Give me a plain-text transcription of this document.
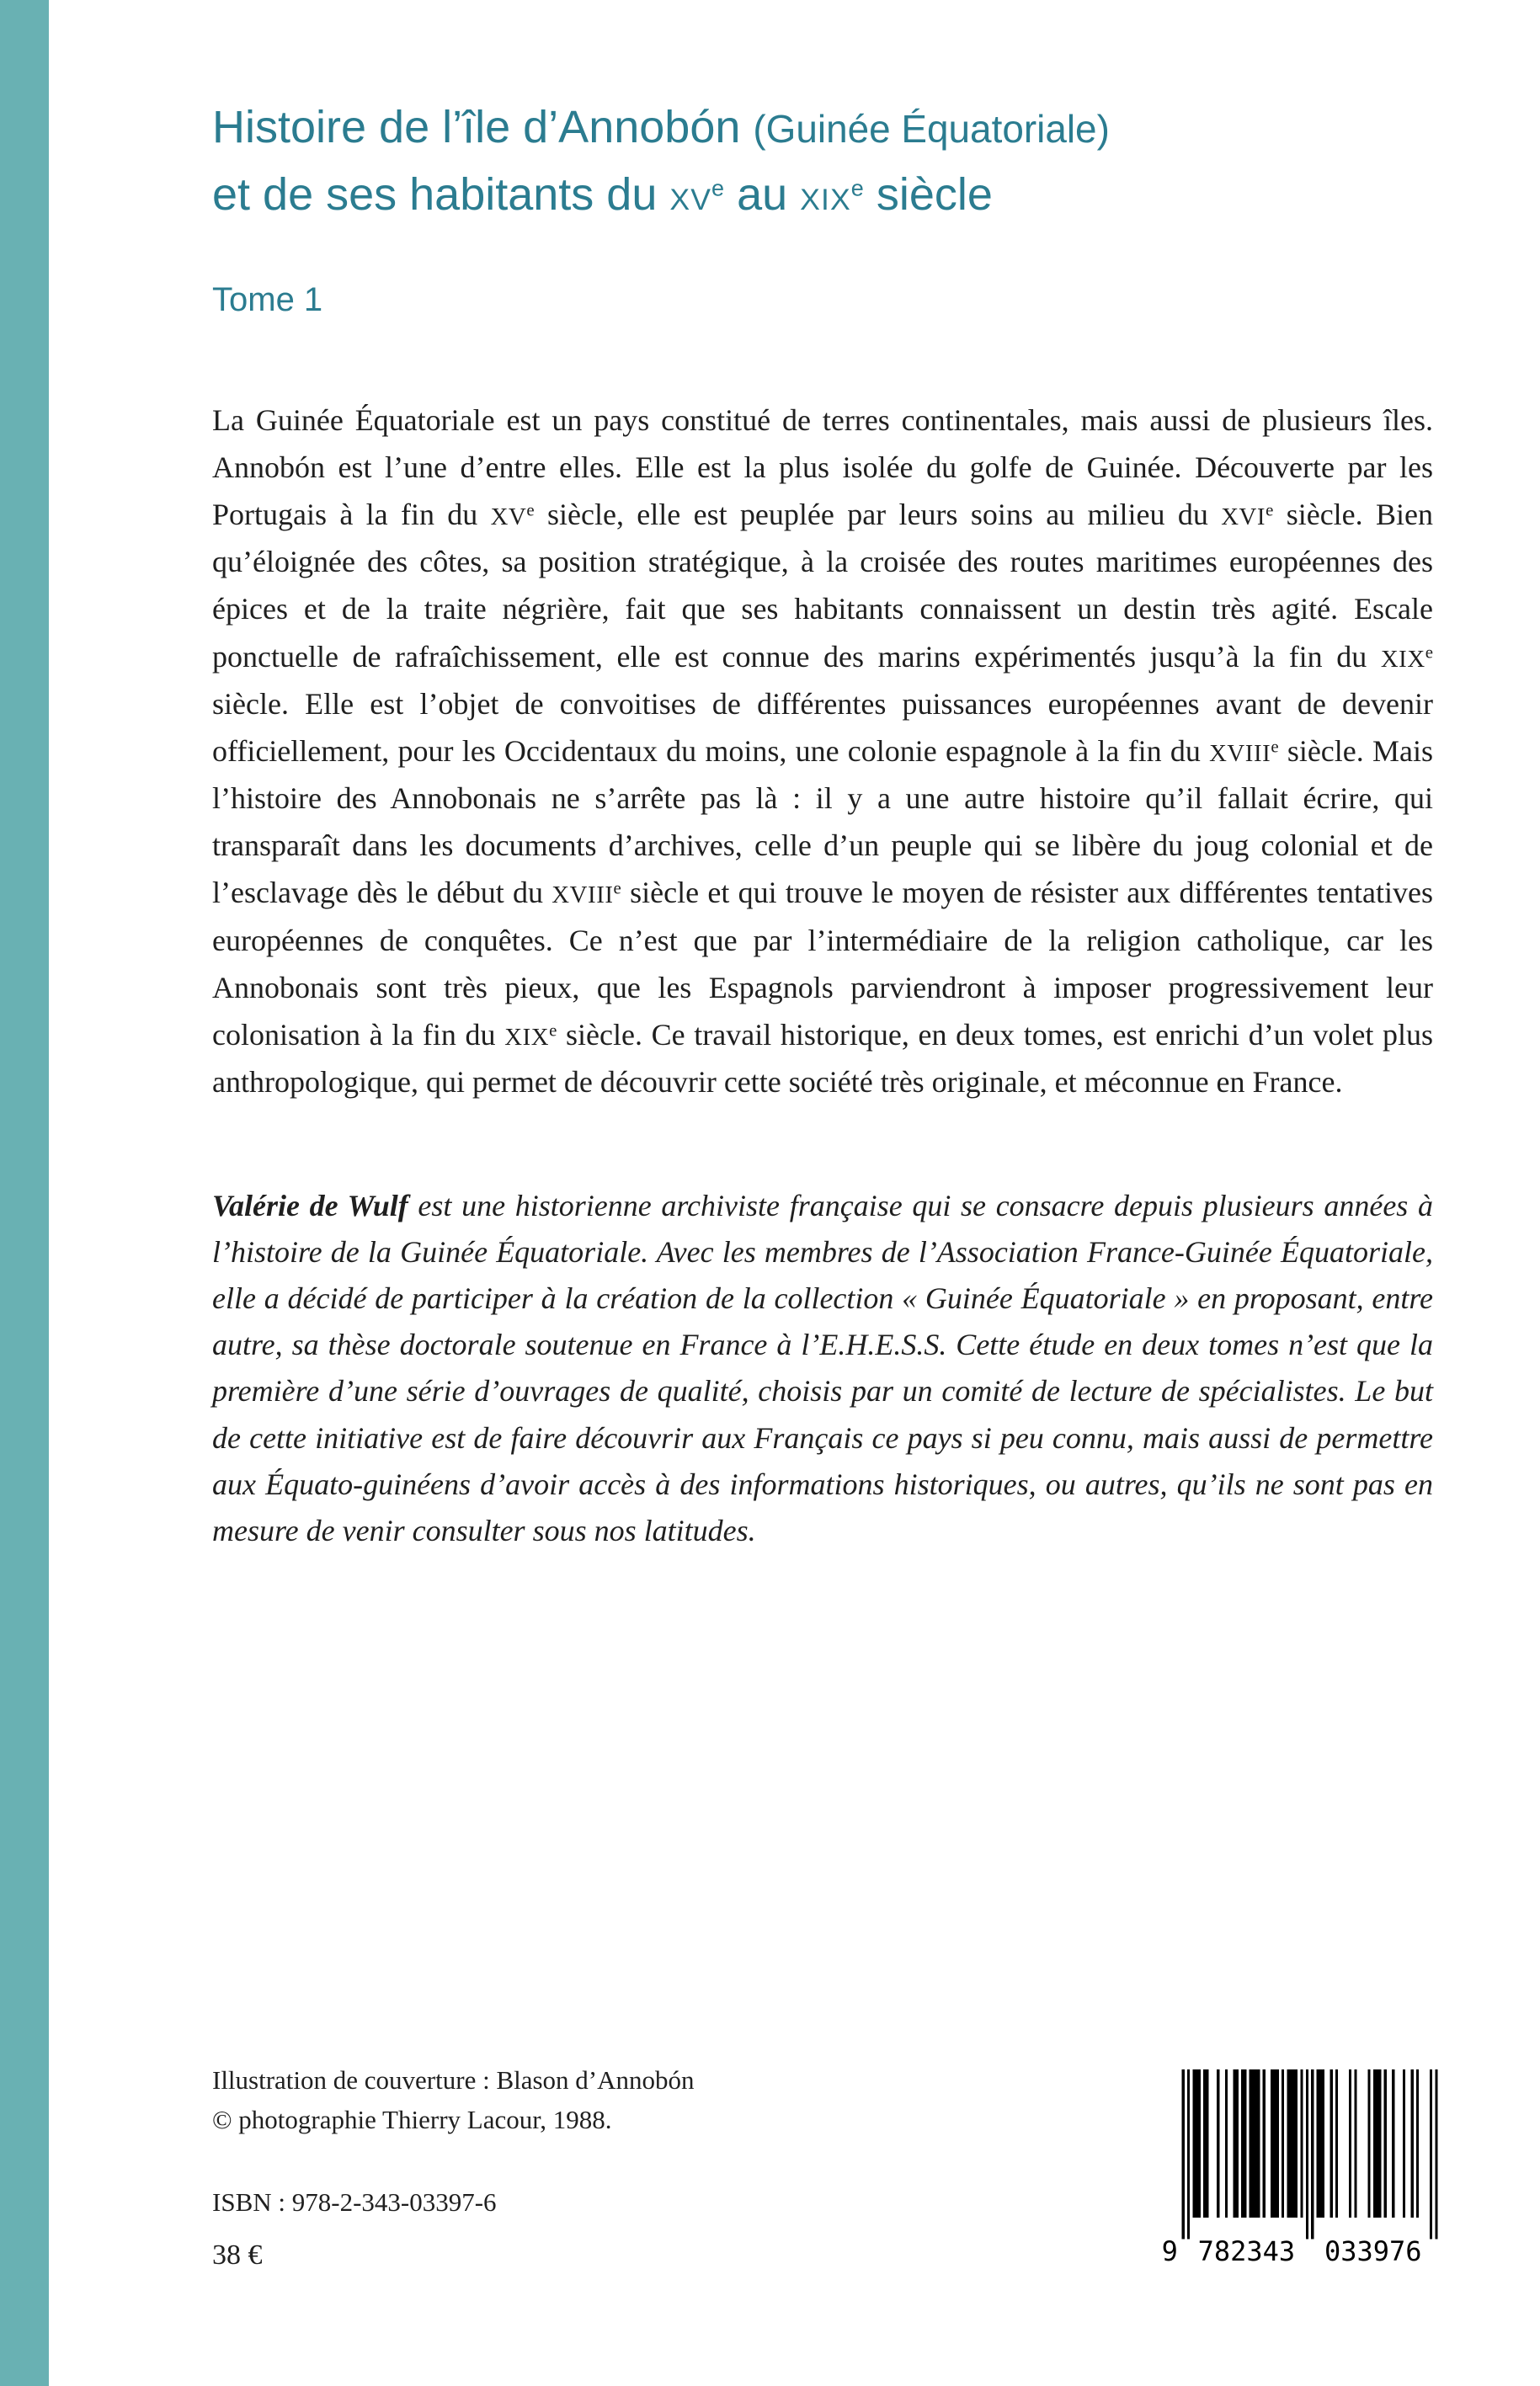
Histoire de l’île d’Annobón (Guinée Équatoriale)
et de ses habitants du XVe au XIXe siècle
Tome 1

La Guinée Équatoriale est un pays constitué de terres continentales, mais aussi de plusieurs îles. Annobón est l’une d’entre elles. Elle est la plus isolée du golfe de Guinée. Découverte par les Portugais à la fin du XVe siècle, elle est peuplée par leurs soins au milieu du XVIe siècle. Bien qu’éloignée des côtes, sa position stratégique, à la croisée des routes maritimes européennes des épices et de la traite négrière, fait que ses habitants connaissent un destin très agité. Escale ponctuelle de rafraîchissement, elle est connue des marins expérimentés jusqu’à la fin du XIXe siècle. Elle est l’objet de convoitises de différentes puissances européennes avant de devenir officiellement, pour les Occidentaux du moins, une colonie espagnole à la fin du XVIIIe siècle. Mais l’histoire des Annobonais ne s’arrête pas là : il y a une autre histoire qu’il fallait écrire, qui transparaît dans les documents d’archives, celle d’un peuple qui se libère du joug colonial et de l’esclavage dès le début du XVIIIe siècle et qui trouve le moyen de résister aux différentes tentatives européennes de conquêtes. Ce n’est que par l’intermédiaire de la religion catholique, car les Annobonais sont très pieux, que les Espagnols parviendront à imposer progressivement leur colonisation à la fin du XIXe siècle. Ce travail historique, en deux tomes, est enrichi d’un volet plus anthropologique, qui permet de découvrir cette société très originale, et méconnue en France.

Valérie de Wulf est une historienne archiviste française qui se consacre depuis plusieurs années à l’histoire de la Guinée Équatoriale. Avec les membres de l’Association France-Guinée Équatoriale, elle a décidé de participer à la création de la collection « Guinée Équatoriale » en proposant, entre autre, sa thèse doctorale soutenue en France à l’E.H.E.S.S. Cette étude en deux tomes n’est que la première d’une série d’ouvrages de qualité, choisis par un comité de lecture de spécialistes. Le but de cette initiative est de faire découvrir aux Français ce pays si peu connu, mais aussi de permettre aux Équato-guinéens d’avoir accès à des informations historiques, ou autres, qu’ils ne sont pas en mesure de venir consulter sous nos latitudes.

Illustration de couverture : Blason d’Annobón
© photographie Thierry Lacour, 1988.
ISBN : 978-2-343-03397-6
38 €	9 782343	033976
